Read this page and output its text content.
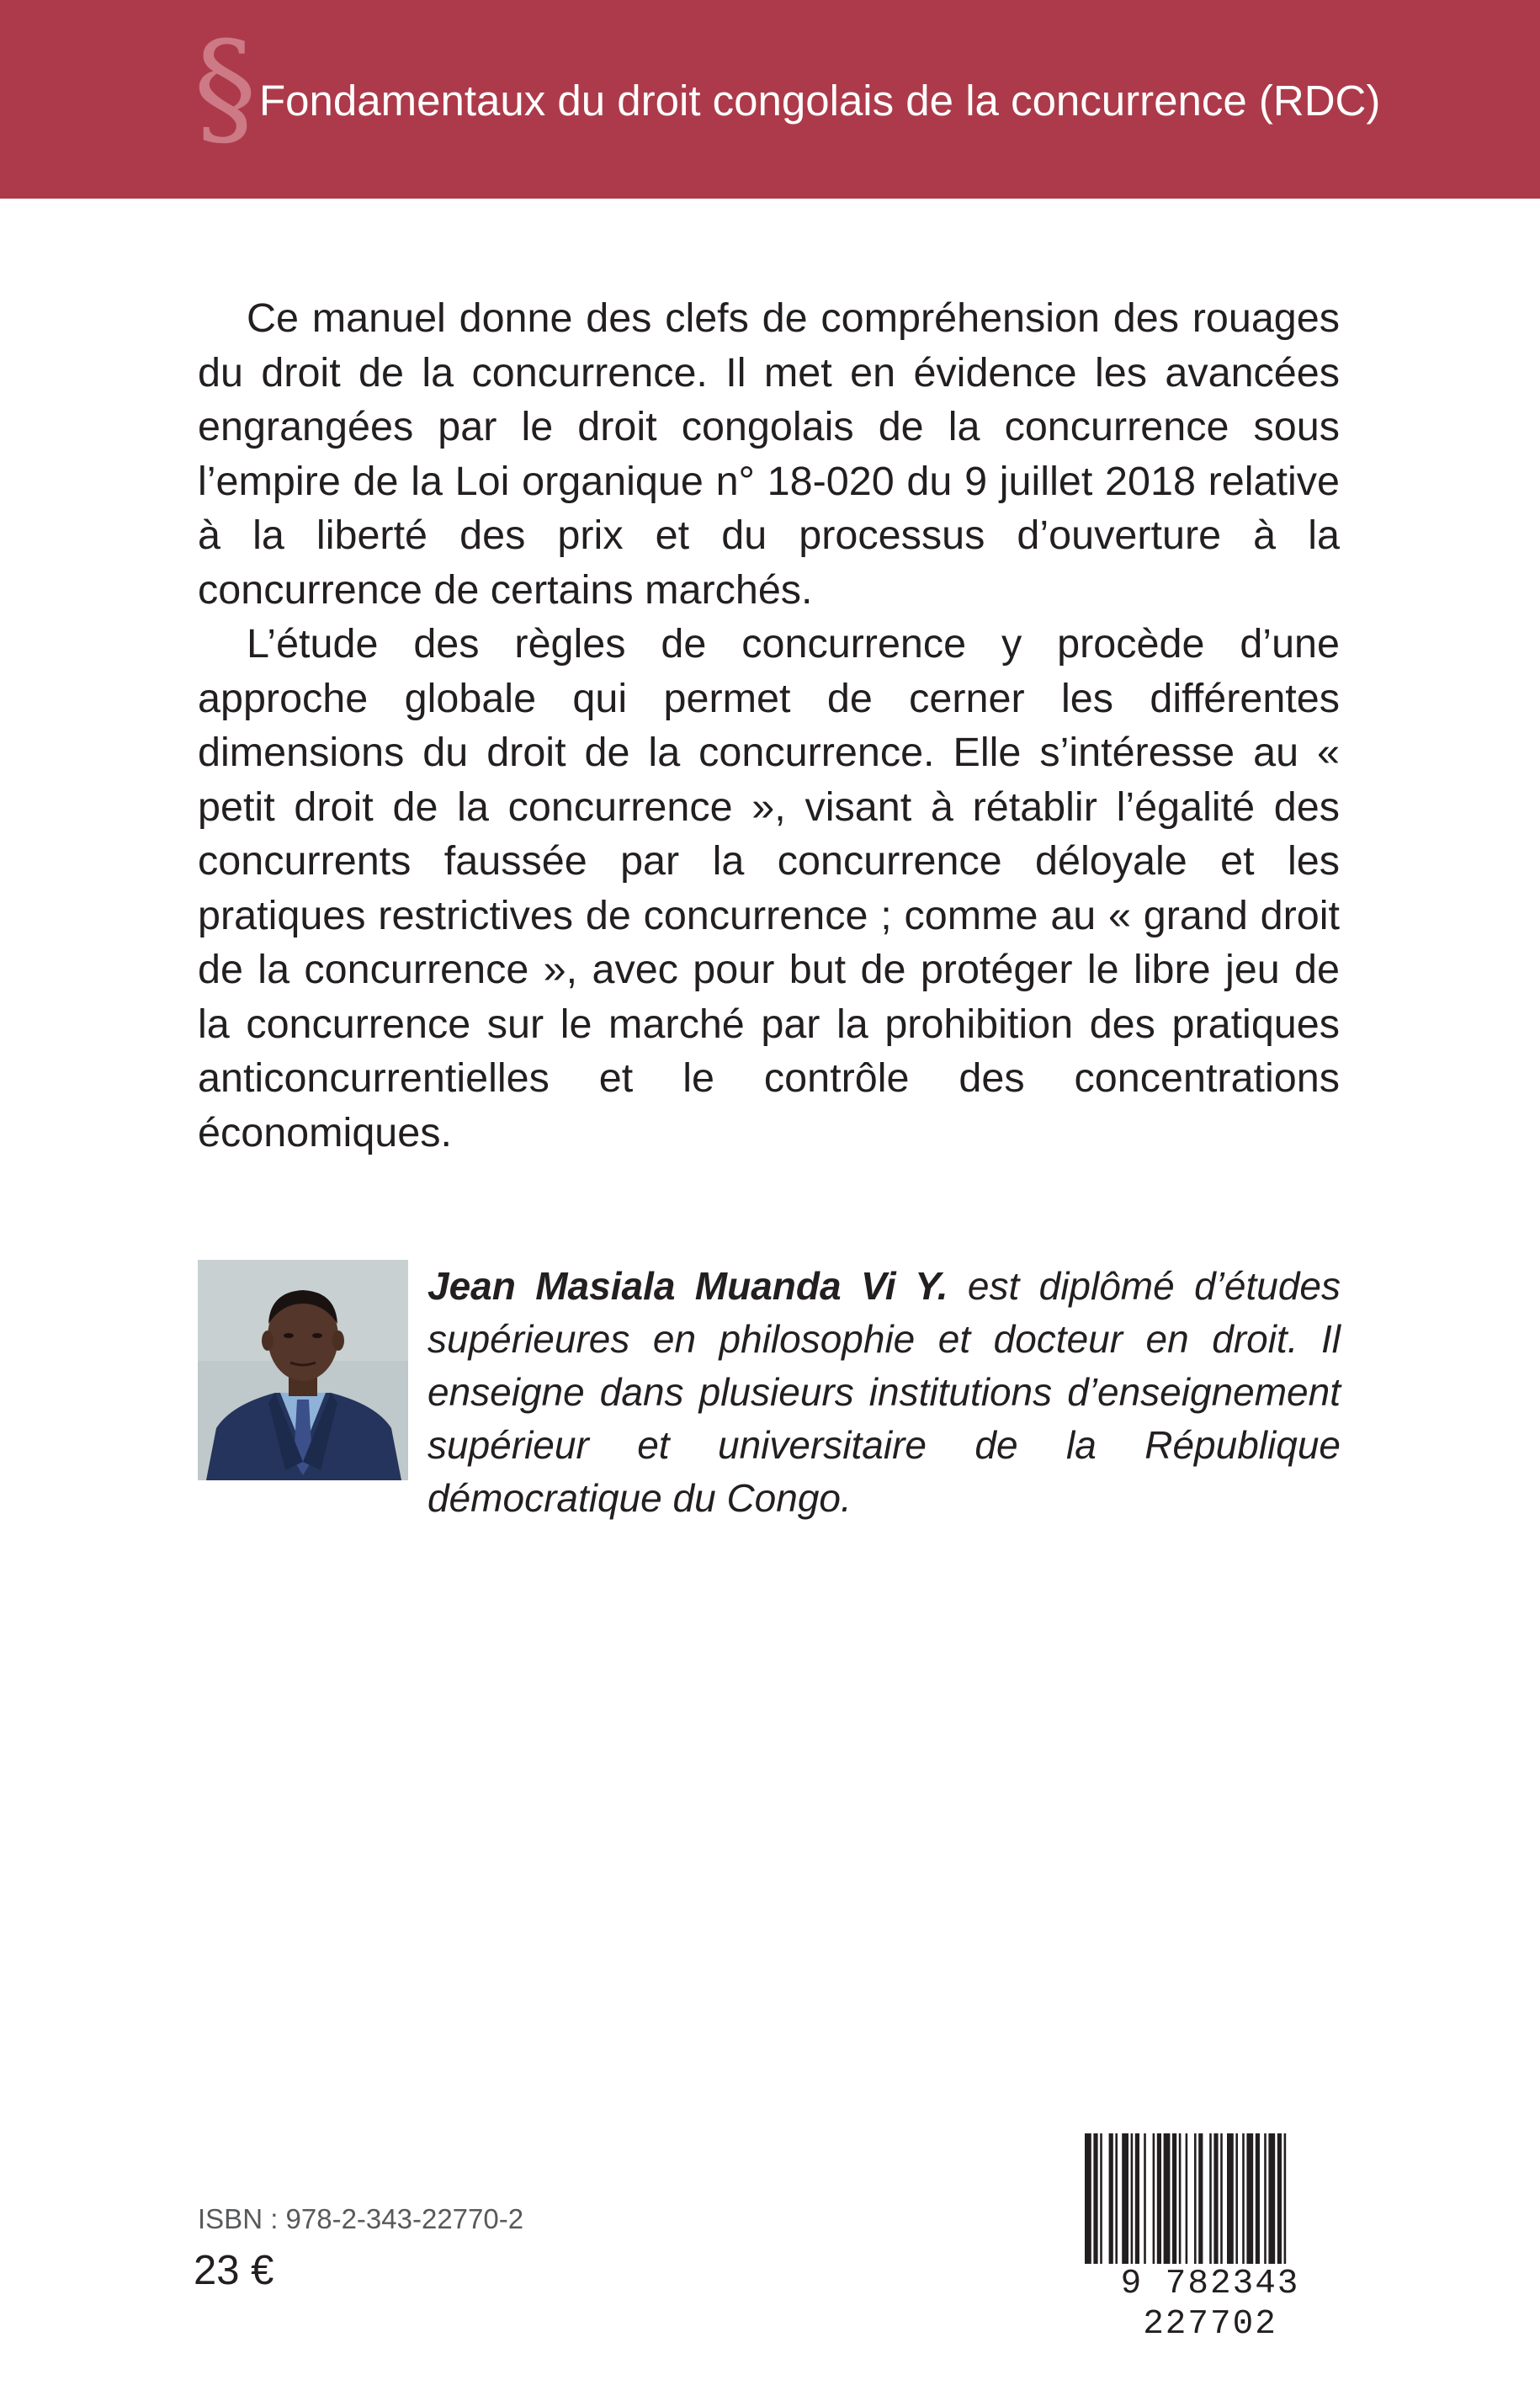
§ Fondamentaux du droit congolais de la concurrence (RDC)

Ce manuel donne des clefs de compréhension des rouages du droit de la concurrence. Il met en évidence les avancées engrangées par le droit congolais de la concurrence sous l’empire de la Loi organique n° 18-020 du 9 juillet 2018 relative à la liberté des prix et du processus d’ouverture à la concurrence de certains marchés.

L’étude des règles de concurrence y procède d’une approche globale qui permet de cerner les différentes dimensions du droit de la concurrence. Elle s’intéresse au « petit droit de la concurrence », visant à rétablir l’égalité des concurrents faussée par la concurrence déloyale et les pratiques restrictives de concurrence ; comme au « grand droit de la concurrence », avec pour but de protéger le libre jeu de la concurrence sur le marché par la prohibition des pratiques anticoncurrentielles et le contrôle des concentrations économiques.

Jean Masiala Muanda Vi Y. est diplômé d’études supérieures en philosophie et docteur en droit. Il enseigne dans plusieurs institutions d’enseignement supérieur et universitaire de la République démocratique du Congo.
ISBN : 978-2-343-22770-2
23 €	9 782343 227702
